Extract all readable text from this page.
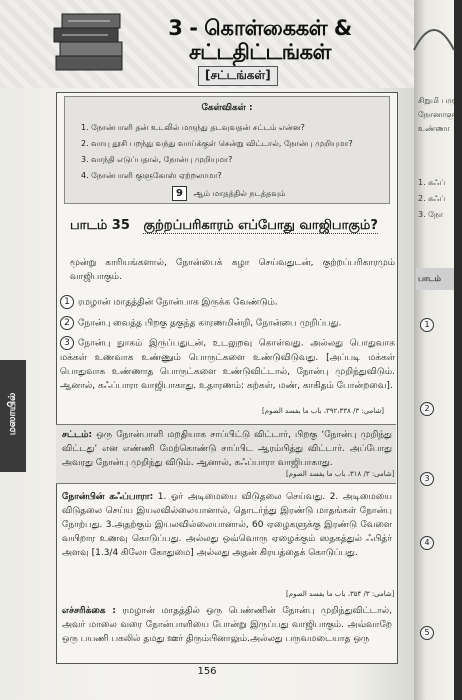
3 - கொள்கைகள் &
சட்டதிட்டங்கள்
[சட்டங்கள்]
கேள்விகள் :
1. நோன்பாளி தன் உடலில் மருந்து தடவுவதன் சட்டம் என்ன?
2. வாயு தூசி பறந்து வந்து வாய்க்குள் சென்று விட்டால், நோன்பு முறியுமா?
3. வாந்தி எடுப்பதால், நோன்பு முறியுமா?
4. நோன்பாளி குளுகோஸ் ஏற்றலாமா?
9 ஆம் மாதத்தில் நடத்தவும்
பாடம் 35 குற்றப்பரிகாரம் எப்போது வாஜிபாகும்?
மூன்று காரியங்களால், நோன்பைக் கழா செய்வதுடன், குற்றப்பரிகாரமும் வாஜிபாகும்.
1 ரமழான் மாதத்தின் நோன்பாக இருக்க வேண்டும்.
2 நோன்பு வைத்த பிறகு தகுந்த காரணமின்றி, நோன்பை முறிப்பது.
3 நோன்பு நுாகம் இருப்பதுடன், உடலுறவு கொள்வது. அல்லது பொதுவாக மக்கள் உணவாக உண்ணும் பொருட்களை உண்டுவிடுவது. [அப்படி மக்கள் பொதுவாக உண்ணாத பொருட்களை உண்டுவிட்டால், நோன்பு முறிந்துவிடும். ஆனால், கஃப்பாரா வாஜிபாகாது. உதாரணம்: கற்கள், மண், காகிதம் போன்றவை].
[شامی: ۳/ ۳۹۲،۳۳۸، باب ما یفسد الصوم]
சட்டம்: ஒரு நோன்பாளி மறதியாக சாப்பிட்டு விட்டார், பிறகு ‘நோன்பு முறிந்து விட்டது’ என எண்ணி மேற்கொண்டு சாப்பிட ஆரம்பித்து விட்டார். அப்போது அவரது நோன்பு முறிந்து விடும். ஆனால், கஃப்பாரா வாஜிபாகாது.
[شامی: ۳/ ۳۱۸، باب ما یفسد الصوم]
நோன்பின் கஃப்பாரா: 1. ஓர் அடிமையை விடுதலை செய்வது. 2. அடிமையை விடுதலை செய்ய இயலவில்லையானால், தொடர்ந்து இரண்டு மாதங்கள் நோன்பு நோற்பது. 3.அதற்கும் இயலவில்லையானால், 60 ஏழைகளுக்கு இரண்டு வேளை வயிறார உணவு கொடுப்பது. அல்லது ஒவ்வொரு ஏழைக்கும் ஸதகத்துல் ஃபித்ர் அளவு [1.3/4 கிலோ கோதுமை] அல்லது அதன் கிரயத்தைக் கொடுப்பது.
[شامی: ۳/ ۳۵۴، باب ما یفسد الصوم]
எச்சரிக்கை : ரமழான் மாதத்தில் ஒரு பெண்ணின் நோன்பு முறிந்துவிட்டால், அவர் மாலை வரை நோன்பாளியை போன்று இருப்பது வாஜிபாகும். அவ்வாறே ஒரு பயணி பகலில் தமது ஊர் திரும்பினாலும்.அல்லது பருவமடையாத ஒரு
மஸாயில்
156
சிறுமி பருவ
நோனாளு
உண்ணா
1. கஃப்
2. கஃப்
3. நோ
பாடம்
1
2
3
4
5
